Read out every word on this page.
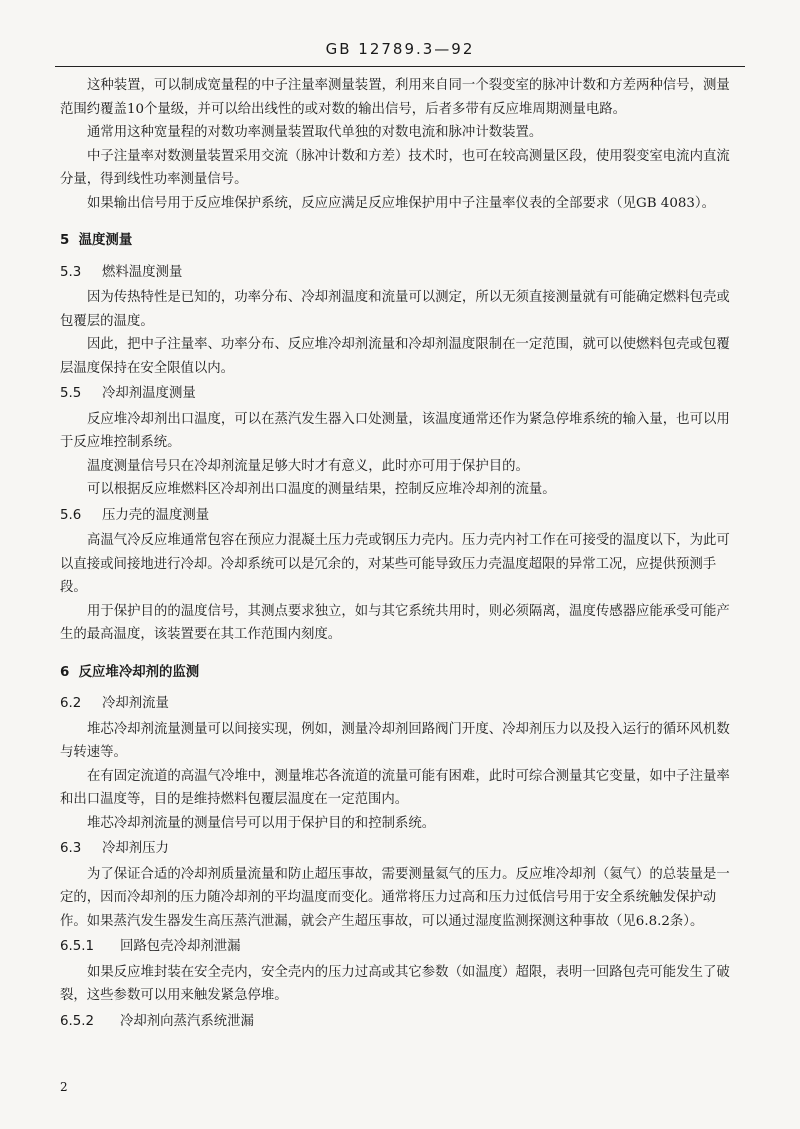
GB 12789.3—92

这种装置，可以制成宽量程的中子注量率测量装置，利用来自同一个裂变室的脉冲计数和方差两种信号，测量范围约覆盖10个量级，并可以给出线性的或对数的输出信号，后者多带有反应堆周期测量电路。

通常用这种宽量程的对数功率测量装置取代单独的对数电流和脉冲计数装置。

中子注量率对数测量装置采用交流（脉冲计数和方差）技术时，也可在较高测量区段，使用裂变室电流内直流分量，得到线性功率测量信号。

如果输出信号用于反应堆保护系统，反应应满足反应堆保护用中子注量率仪表的全部要求（见GB 4083）。

5 温度测量
5.3 燃料温度测量

因为传热特性是已知的，功率分布、冷却剂温度和流量可以测定，所以无须直接测量就有可能确定燃料包壳或包覆层的温度。

因此，把中子注量率、功率分布、反应堆冷却剂流量和冷却剂温度限制在一定范围，就可以使燃料包壳或包覆层温度保持在安全限值以内。

5.5 冷却剂温度测量

反应堆冷却剂出口温度，可以在蒸汽发生器入口处测量，该温度通常还作为紧急停堆系统的输入量，也可以用于反应堆控制系统。

温度测量信号只在冷却剂流量足够大时才有意义，此时亦可用于保护目的。

可以根据反应堆燃料区冷却剂出口温度的测量结果，控制反应堆冷却剂的流量。

5.6 压力壳的温度测量

高温气冷反应堆通常包容在预应力混凝土压力壳或钢压力壳内。压力壳内衬工作在可接受的温度以下，为此可以直接或间接地进行冷却。冷却系统可以是冗余的，对某些可能导致压力壳温度超限的异常工况，应提供预测手段。

用于保护目的的温度信号，其测点要求独立，如与其它系统共用时，则必须隔离，温度传感器应能承受可能产生的最高温度，该装置要在其工作范围内刻度。

6 反应堆冷却剂的监测
6.2 冷却剂流量

堆芯冷却剂流量测量可以间接实现，例如，测量冷却剂回路阀门开度、冷却剂压力以及投入运行的循环风机数与转速等。

在有固定流道的高温气冷堆中，测量堆芯各流道的流量可能有困难，此时可综合测量其它变量，如中子注量率和出口温度等，目的是维持燃料包覆层温度在一定范围内。

堆芯冷却剂流量的测量信号可以用于保护目的和控制系统。

6.3 冷却剂压力

为了保证合适的冷却剂质量流量和防止超压事故，需要测量氦气的压力。反应堆冷却剂（氦气）的总装量是一定的，因而冷却剂的压力随冷却剂的平均温度而变化。通常将压力过高和压力过低信号用于安全系统触发保护动作。如果蒸汽发生器发生高压蒸汽泄漏，就会产生超压事故，可以通过湿度监测探测这种事故（见6.8.2条）。

6.5.1 回路包壳冷却剂泄漏

如果反应堆封装在安全壳内，安全壳内的压力过高或其它参数（如温度）超限，表明一回路包壳可能发生了破裂，这些参数可以用来触发紧急停堆。

6.5.2 冷却剂向蒸汽系统泄漏
2
